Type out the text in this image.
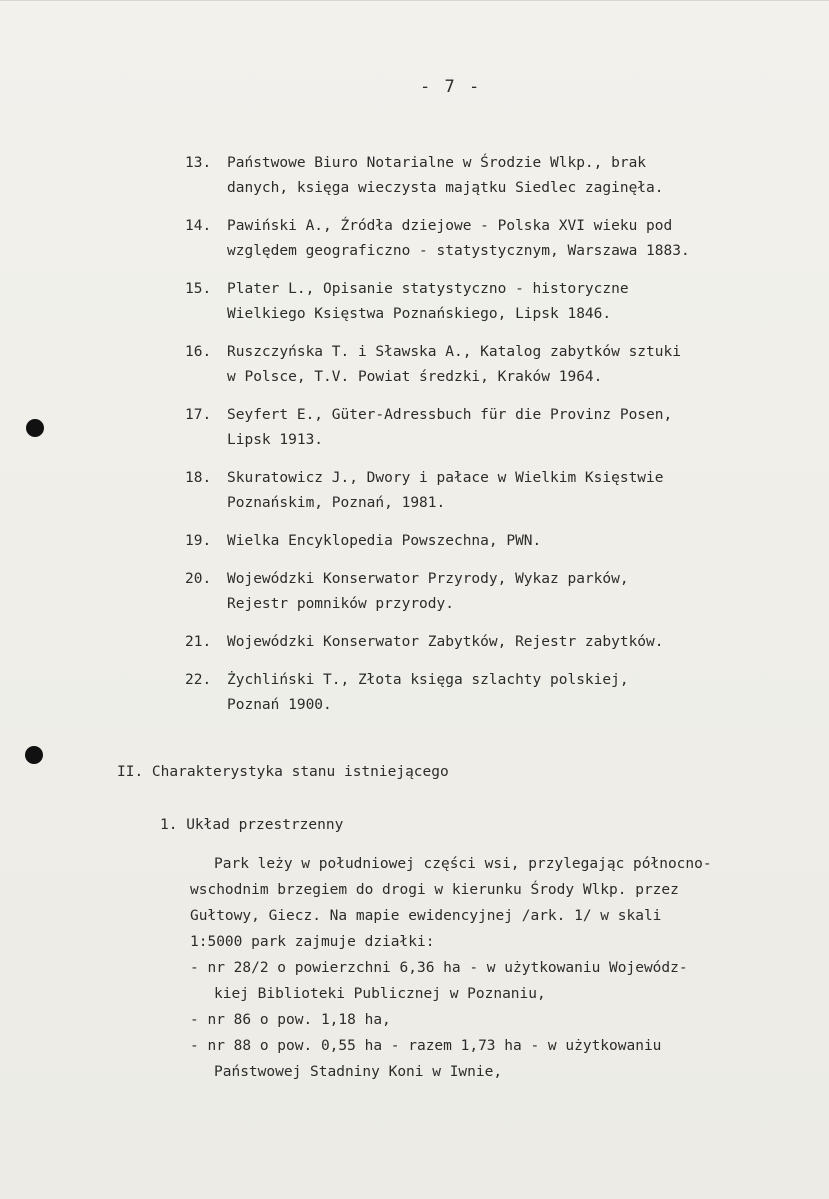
- 7 -
13. Państwowe Biuro Notarialne w Środzie Wlkp., brak
danych, księga wieczysta majątku Siedlec zaginęła.
14. Pawiński A., Źródła dziejowe - Polska XVI wieku pod
względem geograficzno - statystycznym, Warszawa 1883.
15. Plater L., Opisanie statystyczno - historyczne
Wielkiego Księstwa Poznańskiego, Lipsk 1846.
16. Ruszczyńska T. i Sławska A., Katalog zabytków sztuki
w Polsce, T.V. Powiat średzki, Kraków 1964.
17. Seyfert E., Güter-Adressbuch für die Provinz Posen,
Lipsk 1913.
18. Skuratowicz J., Dwory i pałace w Wielkim Księstwie
Poznańskim, Poznań, 1981.
19. Wielka Encyklopedia Powszechna, PWN.
20. Wojewódzki Konserwator Przyrody, Wykaz parków,
Rejestr pomników przyrody.
21. Wojewódzki Konserwator Zabytków, Rejestr zabytków.
22. Żychliński T., Złota księga szlachty polskiej,
Poznań 1900.
II. Charakterystyka stanu istniejącego
1. Układ przestrzenny
Park leży w południowej części wsi, przylegając północno-
wschodnim brzegiem do drogi w kierunku Środy Wlkp. przez
Gułtowy, Giecz. Na mapie ewidencyjnej /ark. 1/ w skali
1:5000 park zajmuje działki:
- nr 28/2 o powierzchni 6,36 ha - w użytkowaniu Wojewódz-
kiej Biblioteki Publicznej w Poznaniu,
- nr 86 o pow. 1,18 ha,
- nr 88 o pow. 0,55 ha - razem 1,73 ha - w użytkowaniu
Państwowej Stadniny Koni w Iwnie,
